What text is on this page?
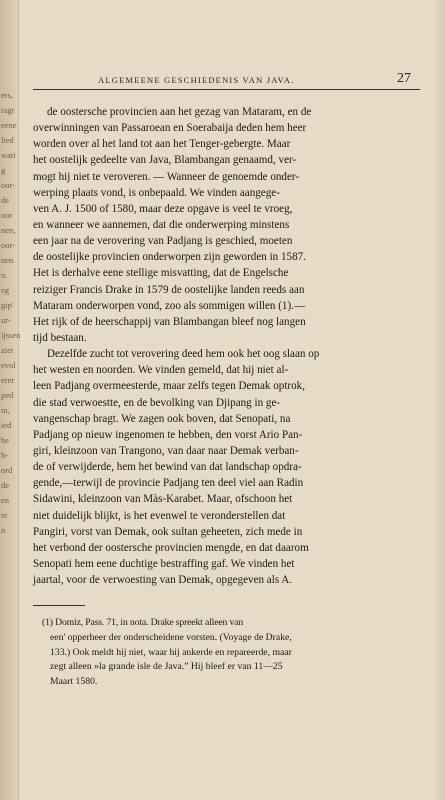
ers,
ragt
eene
lied
wati
g
oor-
de
oor
nen,
oor-
nen
n.
eg
gip'
ur-
ijssen
ziet
evol
erer
ped
m,
ied
be
h-
ord
de
en
re
n
ALGEMEENE GESCHIEDENIS VAN JAVA.	27
de oostersche provincien aan het gezag van Mataram, en de
overwinningen van Passaroean en Soerabaija deden hem heer
worden over al het land tot aan het Tenger-gebergte. Maar
het oostelijk gedeelte van Java, Blambangan genaamd, ver-
mogt hij niet te veroveren. — Wanneer de genoemde onder-
werping plaats vond, is onbepaald. We vinden aangege-
ven A. J. 1500 of 1580, maar deze opgave is veel te vroeg,
en wanneer we aannemen, dat die onderwerping minstens
een jaar na de verovering van Padjang is geschied, moeten
de oostelijke provincien onderworpen zijn geworden in 1587.
Het is derhalve eene stellige misvatting, dat de Engelsche
reiziger Francis Drake in 1579 de oostelijke landen reeds aan
Mataram onderworpen vond, zoo als sommigen willen (1).—
Het rijk of de heerschappij van Blambangan bleef nog langen
tijd bestaan.
Dezelfde zucht tot verovering deed hem ook het oog slaan op
het westen en noorden. We vinden gemeld, dat hij niet al-
leen Padjang overmeesterde, maar zelfs tegen Demak optrok,
die stad verwoestte, en de bevolking van Djipang in ge-
vangenschap bragt. We zagen ook boven, dat Senopati, na
Padjang op nieuw ingenomen te hebben, den vorst Ario Pan-
giri, kleinzoon van Trangono, van daar naar Demak verban-
de of verwijderde, hem het bewind van dat landschap opdra-
gende,—terwijl de provincie Padjang ten deel viel aan Radin
Sidawini, kleinzoon van Màs-Karabet. Maar, ofschoon het
niet duidelijk blijkt, is het evenwel te veronderstellen dat
Pangiri, vorst van Demak, ook sultan geheeten, zich mede in
het verbond der oostersche provincien mengde, en dat daarom
Senopati hem eene duchtige bestraffing gaf. We vinden het
jaartal, voor de verwoesting van Demak, opgegeven als A.
(1) Domiz, Pass. 71, in nota. Drake spreekt alleen van
een' opperheer der onderscheidene vorsten. (Voyage de Drake,
133.) Ook meldt hij niet, waar hij ankerde en repareerde, maar
zegt alleen »la grande isle de Java.” Hij bleef er van 11—25
Maart 1580.
